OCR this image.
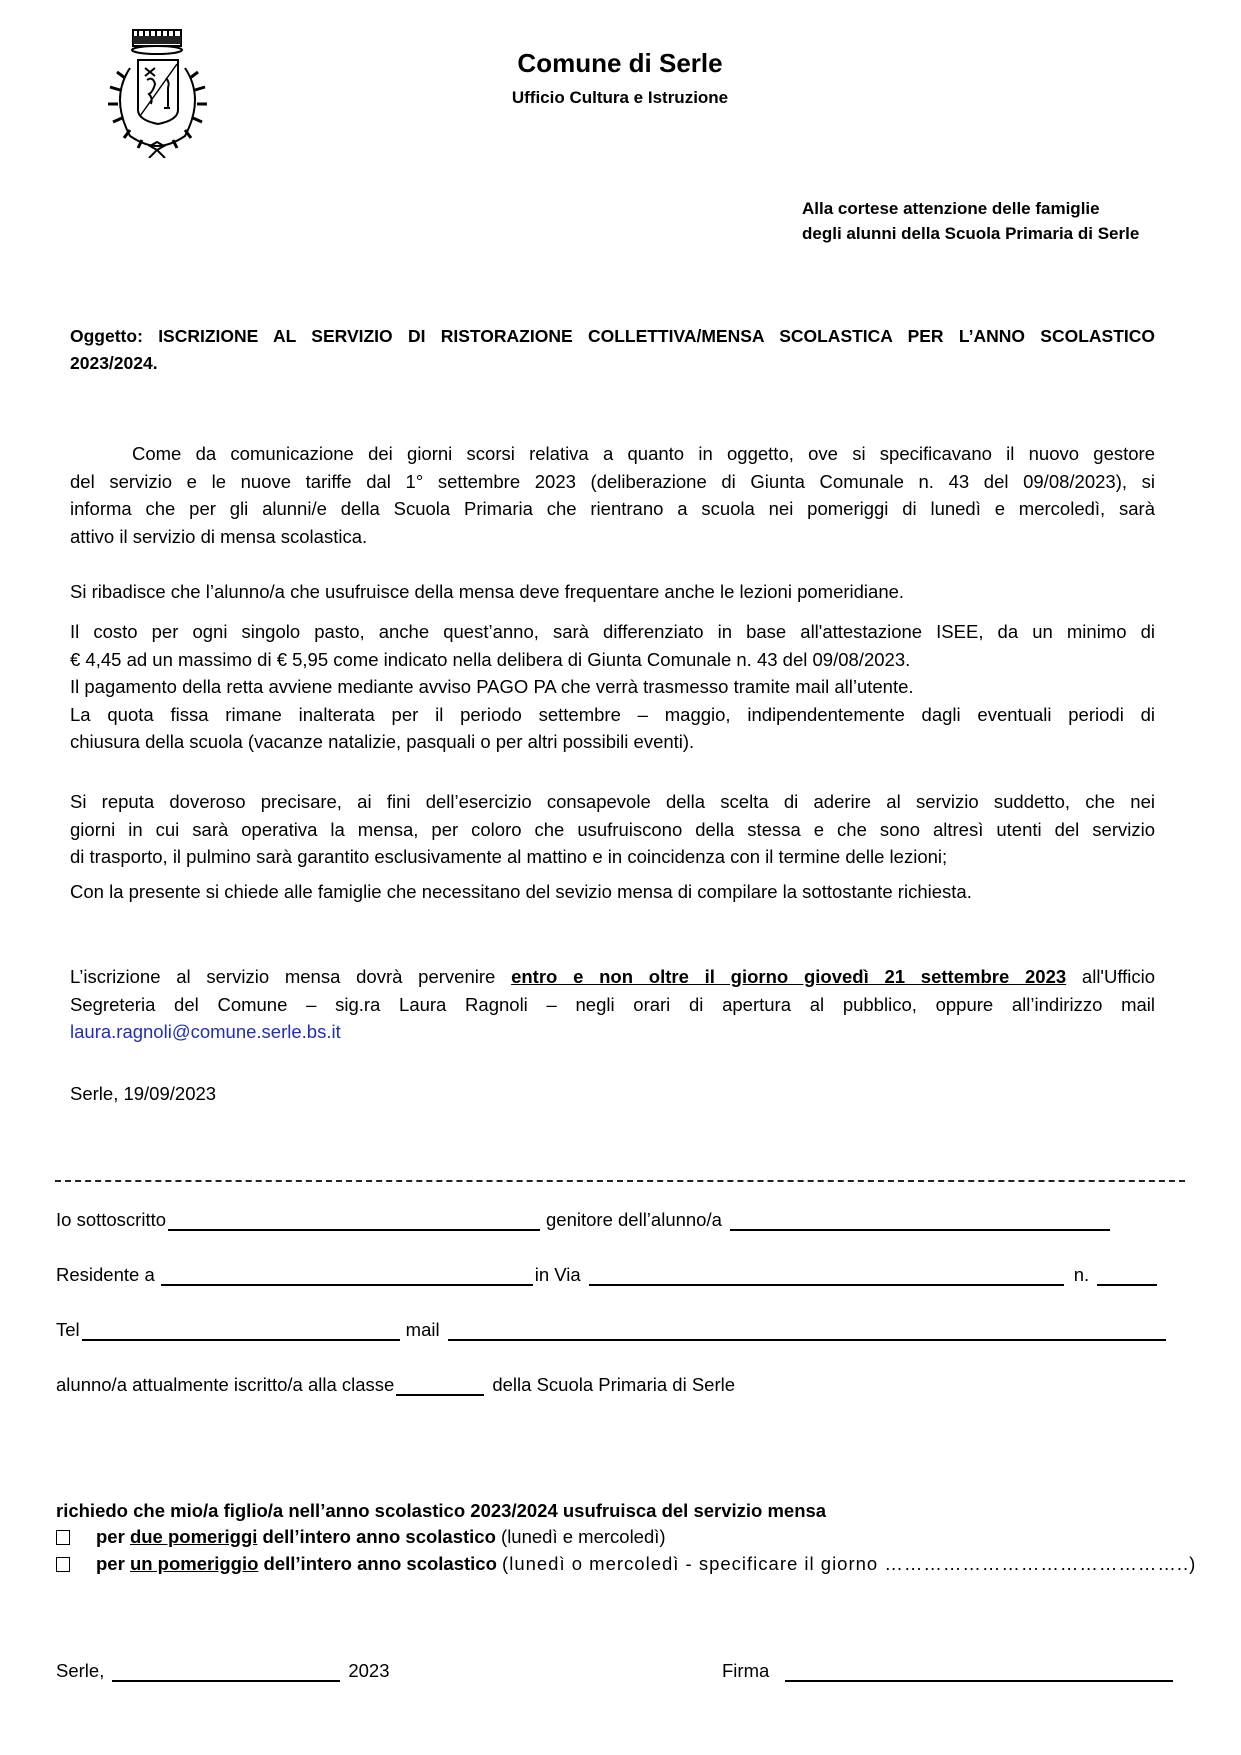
Comune di Serle
Ufficio Cultura e Istruzione
Alla cortese attenzione delle famiglie
degli alunni della Scuola Primaria di Serle
Oggetto: ISCRIZIONE AL SERVIZIO DI RISTORAZIONE COLLETTIVA/MENSA SCOLASTICA PER L’ANNO SCOLASTICO
2023/2024.
Come da comunicazione dei giorni scorsi relativa a quanto in oggetto, ove si specificavano il nuovo gestore
del servizio e le nuove tariffe dal 1° settembre 2023 (deliberazione di Giunta Comunale n. 43 del 09/08/2023), si
informa che per gli alunni/e della Scuola Primaria che rientrano a scuola nei pomeriggi di lunedì e mercoledì, sarà
attivo il servizio di mensa scolastica.
Si ribadisce che l’alunno/a che usufruisce della mensa deve frequentare anche le lezioni pomeridiane.
Il costo per ogni singolo pasto, anche quest’anno, sarà differenziato in base all'attestazione ISEE, da un minimo di
€ 4,45 ad un massimo di € 5,95 come indicato nella delibera di Giunta Comunale n. 43 del 09/08/2023.
Il pagamento della retta avviene mediante avviso PAGO PA che verrà trasmesso tramite mail all’utente.
La quota fissa rimane inalterata per il periodo settembre – maggio, indipendentemente dagli eventuali periodi di
chiusura della scuola (vacanze natalizie, pasquali o per altri possibili eventi).
Si reputa doveroso precisare, ai fini dell’esercizio consapevole della scelta di aderire al servizio suddetto, che nei
giorni in cui sarà operativa la mensa, per coloro che usufruiscono della stessa e che sono altresì utenti del servizio
di trasporto, il pulmino sarà garantito esclusivamente al mattino e in coincidenza con il termine delle lezioni;
Con la presente si chiede alle famiglie che necessitano del sevizio mensa di compilare la sottostante richiesta.
L’iscrizione al servizio mensa dovrà pervenire entro e non oltre il giorno giovedì 21 settembre 2023 all'Ufficio
Segreteria del Comune – sig.ra Laura Ragnoli – negli orari di apertura al pubblico, oppure all’indirizzo mail
laura.ragnoli@comune.serle.bs.it
Serle, 19/09/2023
Io sottoscritto	genitore dell’alunno/a
Residente a	in Via	n.
Tel	mail
alunno/a attualmente iscritto/a alla classe	della Scuola Primaria di Serle
richiedo che mio/a figlio/a nell’anno scolastico 2023/2024 usufruisca del servizio mensa
per
due pomeriggi
dell’intero anno scolastico
(lunedì e mercoledì)
per
un pomeriggio
dell’intero anno scolastico
(lunedì o mercoledì - specificare il giorno ………………………………………..)
Serle,	2023	Firma
